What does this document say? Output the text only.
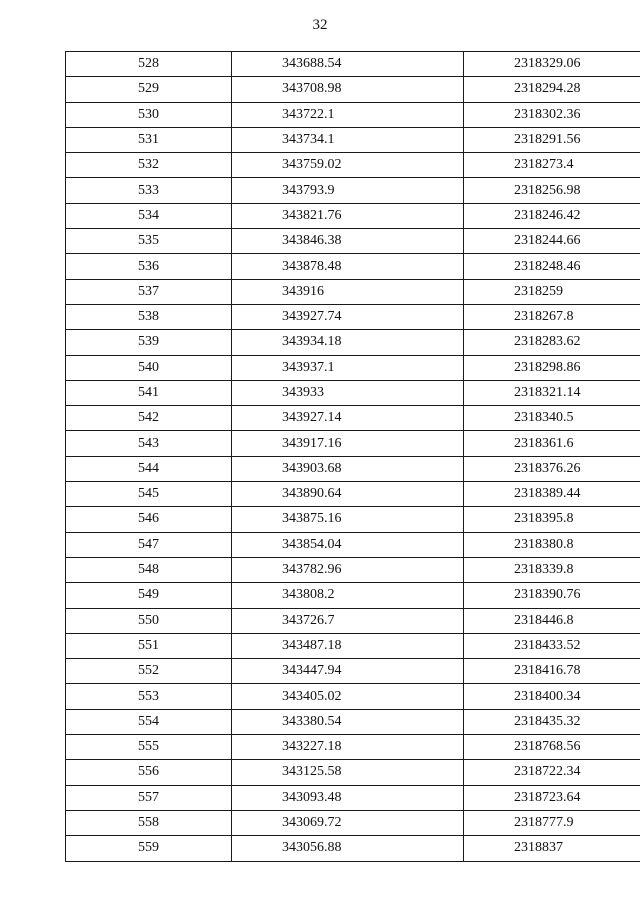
32
528	343688.54	2318329.06
529	343708.98	2318294.28
530	343722.1	2318302.36
531	343734.1	2318291.56
532	343759.02	2318273.4
533	343793.9	2318256.98
534	343821.76	2318246.42
535	343846.38	2318244.66
536	343878.48	2318248.46
537	343916	2318259
538	343927.74	2318267.8
539	343934.18	2318283.62
540	343937.1	2318298.86
541	343933	2318321.14
542	343927.14	2318340.5
543	343917.16	2318361.6
544	343903.68	2318376.26
545	343890.64	2318389.44
546	343875.16	2318395.8
547	343854.04	2318380.8
548	343782.96	2318339.8
549	343808.2	2318390.76
550	343726.7	2318446.8
551	343487.18	2318433.52
552	343447.94	2318416.78
553	343405.02	2318400.34
554	343380.54	2318435.32
555	343227.18	2318768.56
556	343125.58	2318722.34
557	343093.48	2318723.64
558	343069.72	2318777.9
559	343056.88	2318837
